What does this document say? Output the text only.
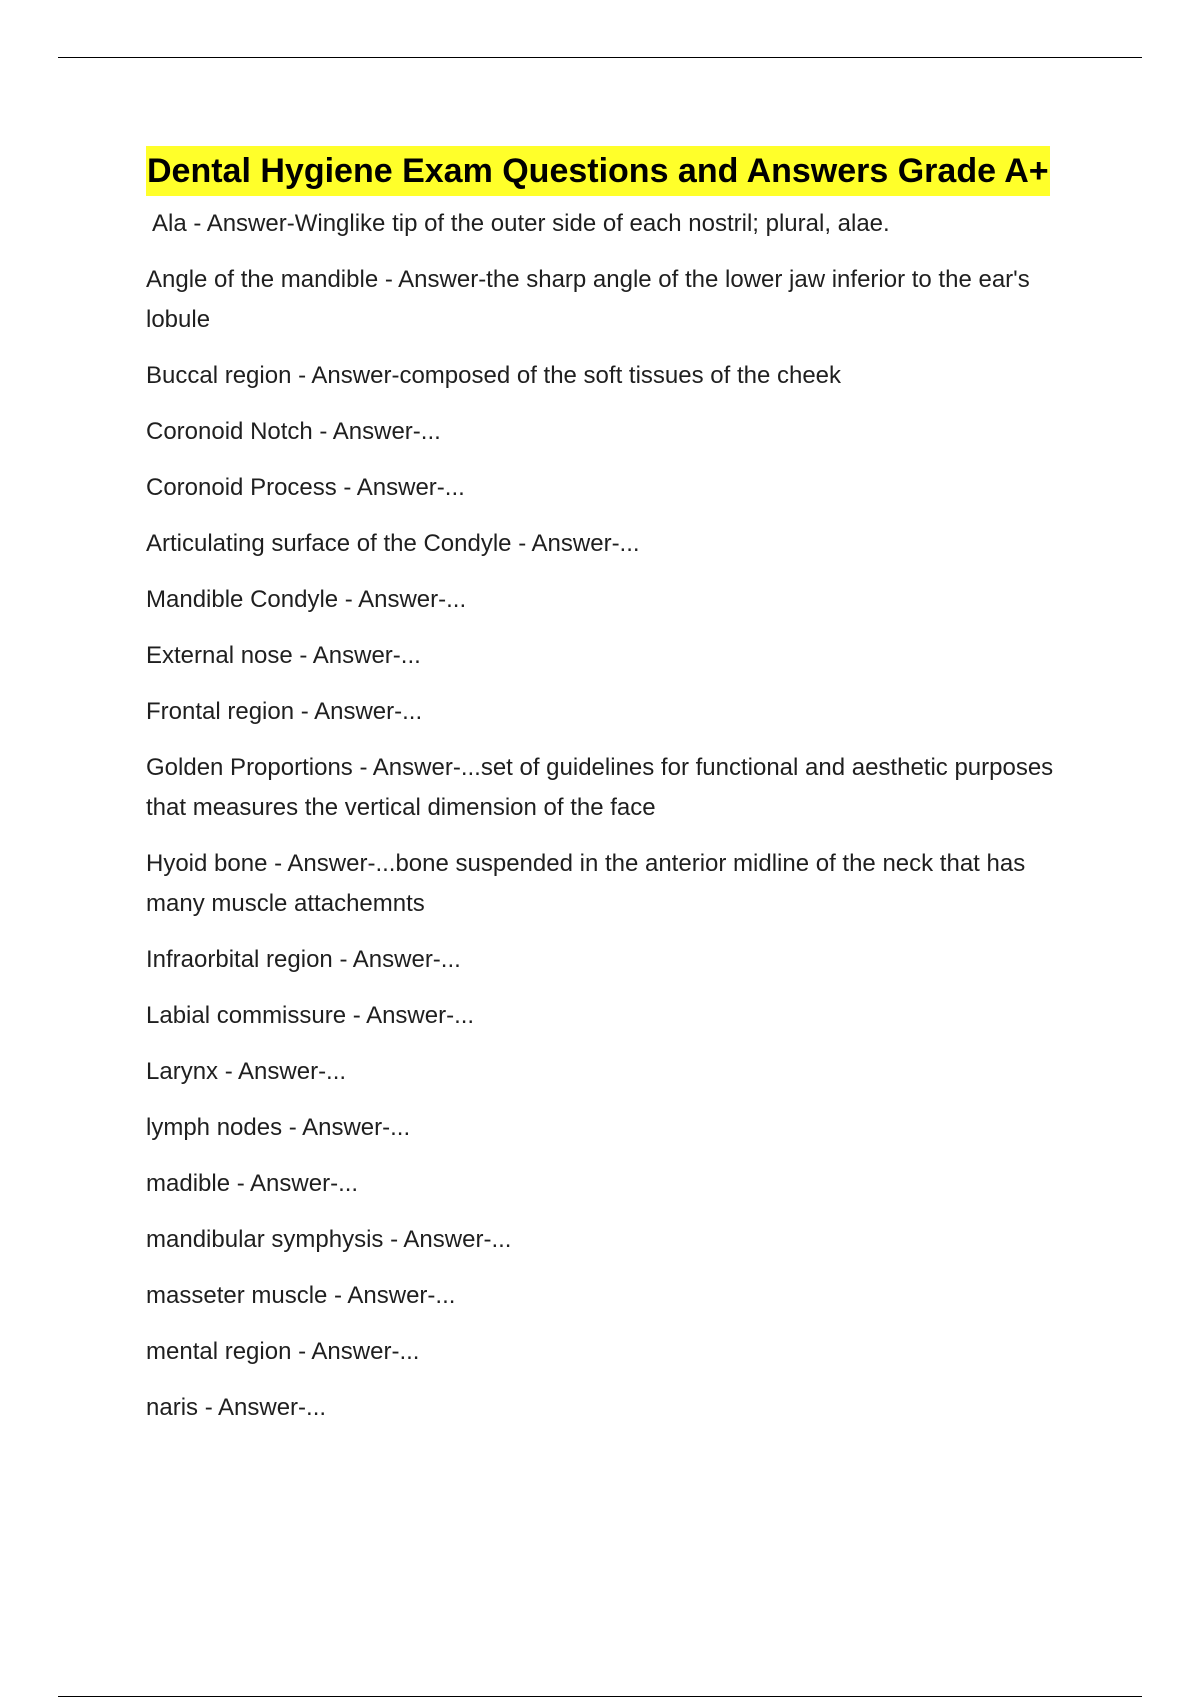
Dental Hygiene Exam Questions and Answers Grade A+
Ala - Answer-Winglike tip of the outer side of each nostril; plural, alae.
Angle of the mandible - Answer-the sharp angle of the lower jaw inferior to the ear's lobule
Buccal region - Answer-composed of the soft tissues of the cheek
Coronoid Notch - Answer-...
Coronoid Process - Answer-...
Articulating surface of the Condyle - Answer-...
Mandible Condyle - Answer-...
External nose - Answer-...
Frontal region - Answer-...
Golden Proportions - Answer-...set of guidelines for functional and aesthetic purposes that measures the vertical dimension of the face
Hyoid bone - Answer-...bone suspended in the anterior midline of the neck that has many muscle attachemnts
Infraorbital region - Answer-...
Labial commissure - Answer-...
Larynx - Answer-...
lymph nodes - Answer-...
madible - Answer-...
mandibular symphysis - Answer-...
masseter muscle - Answer-...
mental region - Answer-...
naris - Answer-...
